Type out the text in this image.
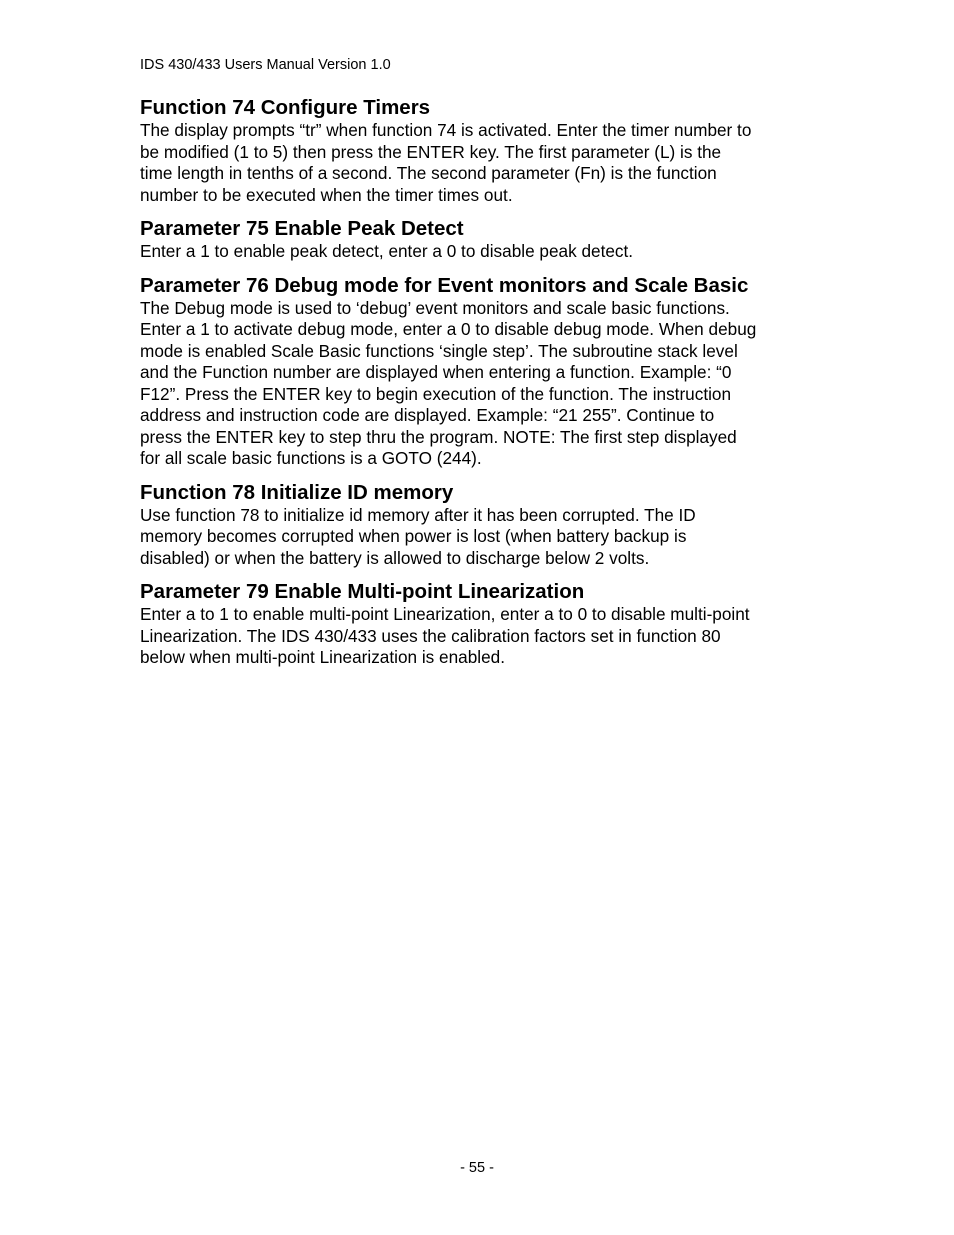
IDS 430/433 Users Manual Version 1.0
Function 74 Configure Timers

The display prompts “tr” when function 74 is activated. Enter the timer number to
be modified (1 to 5) then press the ENTER key. The first parameter (L) is the
time length in tenths of a second. The second parameter (Fn) is the function
number to be executed when the timer times out.

Parameter 75 Enable Peak Detect

Enter a 1 to enable peak detect, enter a 0 to disable peak detect.

Parameter 76 Debug mode for Event monitors and Scale Basic

The Debug mode is used to ‘debug’ event monitors and scale basic functions.
Enter a 1 to activate debug mode, enter a 0 to disable debug mode. When debug
mode is enabled Scale Basic functions ‘single step’. The subroutine stack level
and the Function number are displayed when entering a function. Example: “0
F12”. Press the ENTER key to begin execution of the function. The instruction
address and instruction code are displayed. Example: “21 255”. Continue to
press the ENTER key to step thru the program. NOTE: The first step displayed
for all scale basic functions is a GOTO (244).

Function 78 Initialize ID memory

Use function 78 to initialize id memory after it has been corrupted. The ID
memory becomes corrupted when power is lost (when battery backup is
disabled) or when the battery is allowed to discharge below 2 volts.

Parameter 79 Enable Multi-point Linearization

Enter a to 1 to enable multi-point Linearization, enter a to 0 to disable multi-point
Linearization. The IDS 430/433 uses the calibration factors set in function 80
below when multi-point Linearization is enabled.

- 55 -
